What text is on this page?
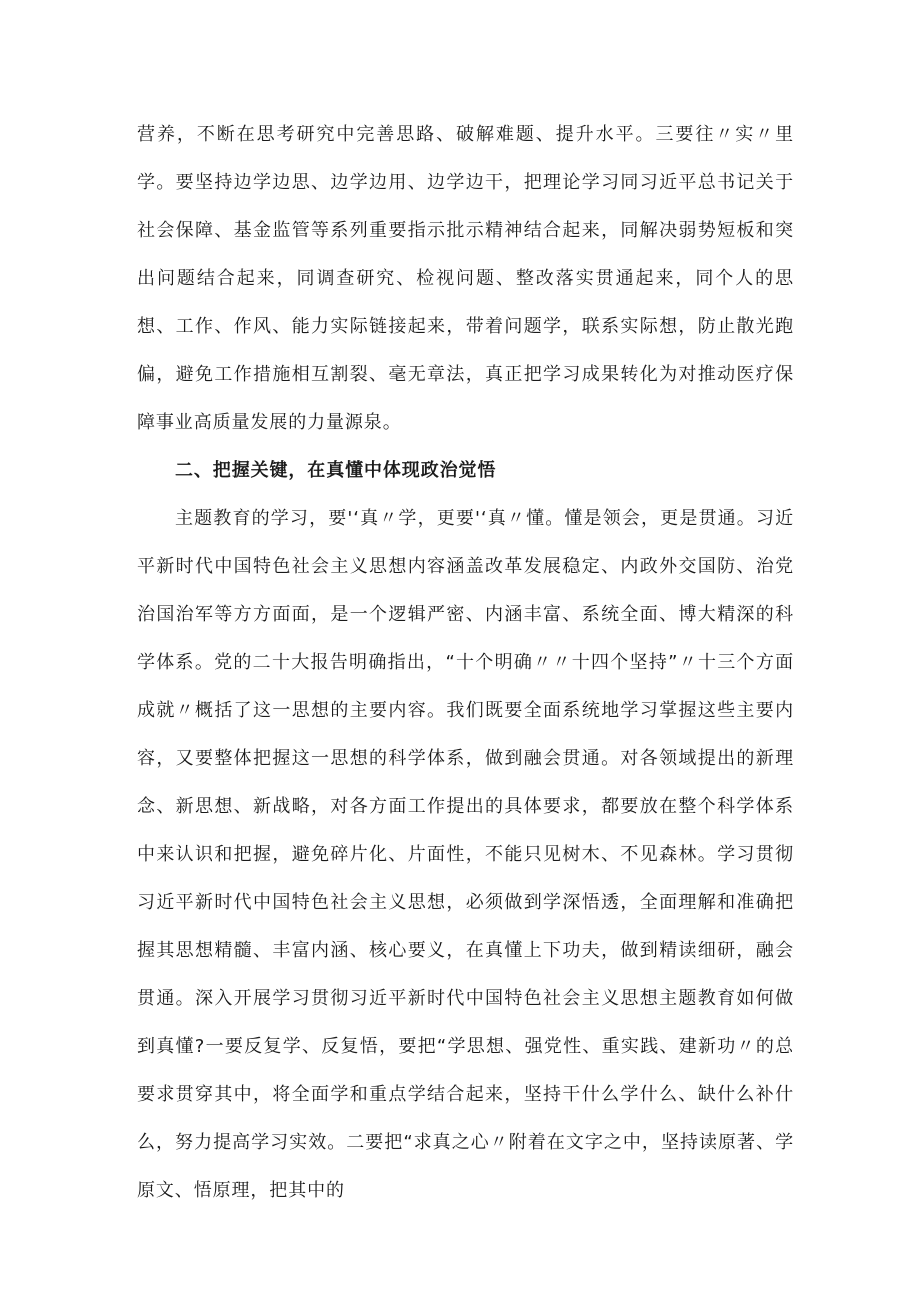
营养，不断在思考研究中完善思路、破解难题、提升水平。三要往〃实〃里学。要坚持边学边思、边学边用、边学边干，把理论学习同习近平总书记关于社会保障、基金监管等系列重要指示批示精神结合起来，同解决弱势短板和突出问题结合起来，同调查研究、检视问题、整改落实贯通起来，同个人的思想、工作、作风、能力实际链接起来，带着问题学，联系实际想，防止散光跑偏，避免工作措施相互割裂、毫无章法，真正把学习成果转化为对推动医疗保障事业高质量发展的力量源泉。

二、把握关键，在真懂中体现政治觉悟

主题教育的学习，要'‘真〃学，更要'‘真〃懂。懂是领会，更是贯通。习近平新时代中国特色社会主义思想内容涵盖改革发展稳定、内政外交国防、治党治国治军等方方面面，是一个逻辑严密、内涵丰富、系统全面、博大精深的科学体系。党的二十大报告明确指出，“十个明确〃〃十四个坚持”〃十三个方面成就〃概括了这一思想的主要内容。我们既要全面系统地学习掌握这些主要内容，又要整体把握这一思想的科学体系，做到融会贯通。对各领域提出的新理念、新思想、新战略，对各方面工作提出的具体要求，都要放在整个科学体系中来认识和把握，避免碎片化、片面性，不能只见树木、不见森林。学习贯彻习近平新时代中国特色社会主义思想，必须做到学深悟透，全面理解和准确把握其思想精髓、丰富内涵、核心要义，在真懂上下功夫，做到精读细研，融会贯通。深入开展学习贯彻习近平新时代中国特色社会主义思想主题教育如何做到真懂?一要反复学、反复悟，要把“学思想、强党性、重实践、建新功〃的总要求贯穿其中，将全面学和重点学结合起来，坚持干什么学什么、缺什么补什么，努力提高学习实效。二要把“求真之心〃附着在文字之中，坚持读原著、学原文、悟原理，把其中的
